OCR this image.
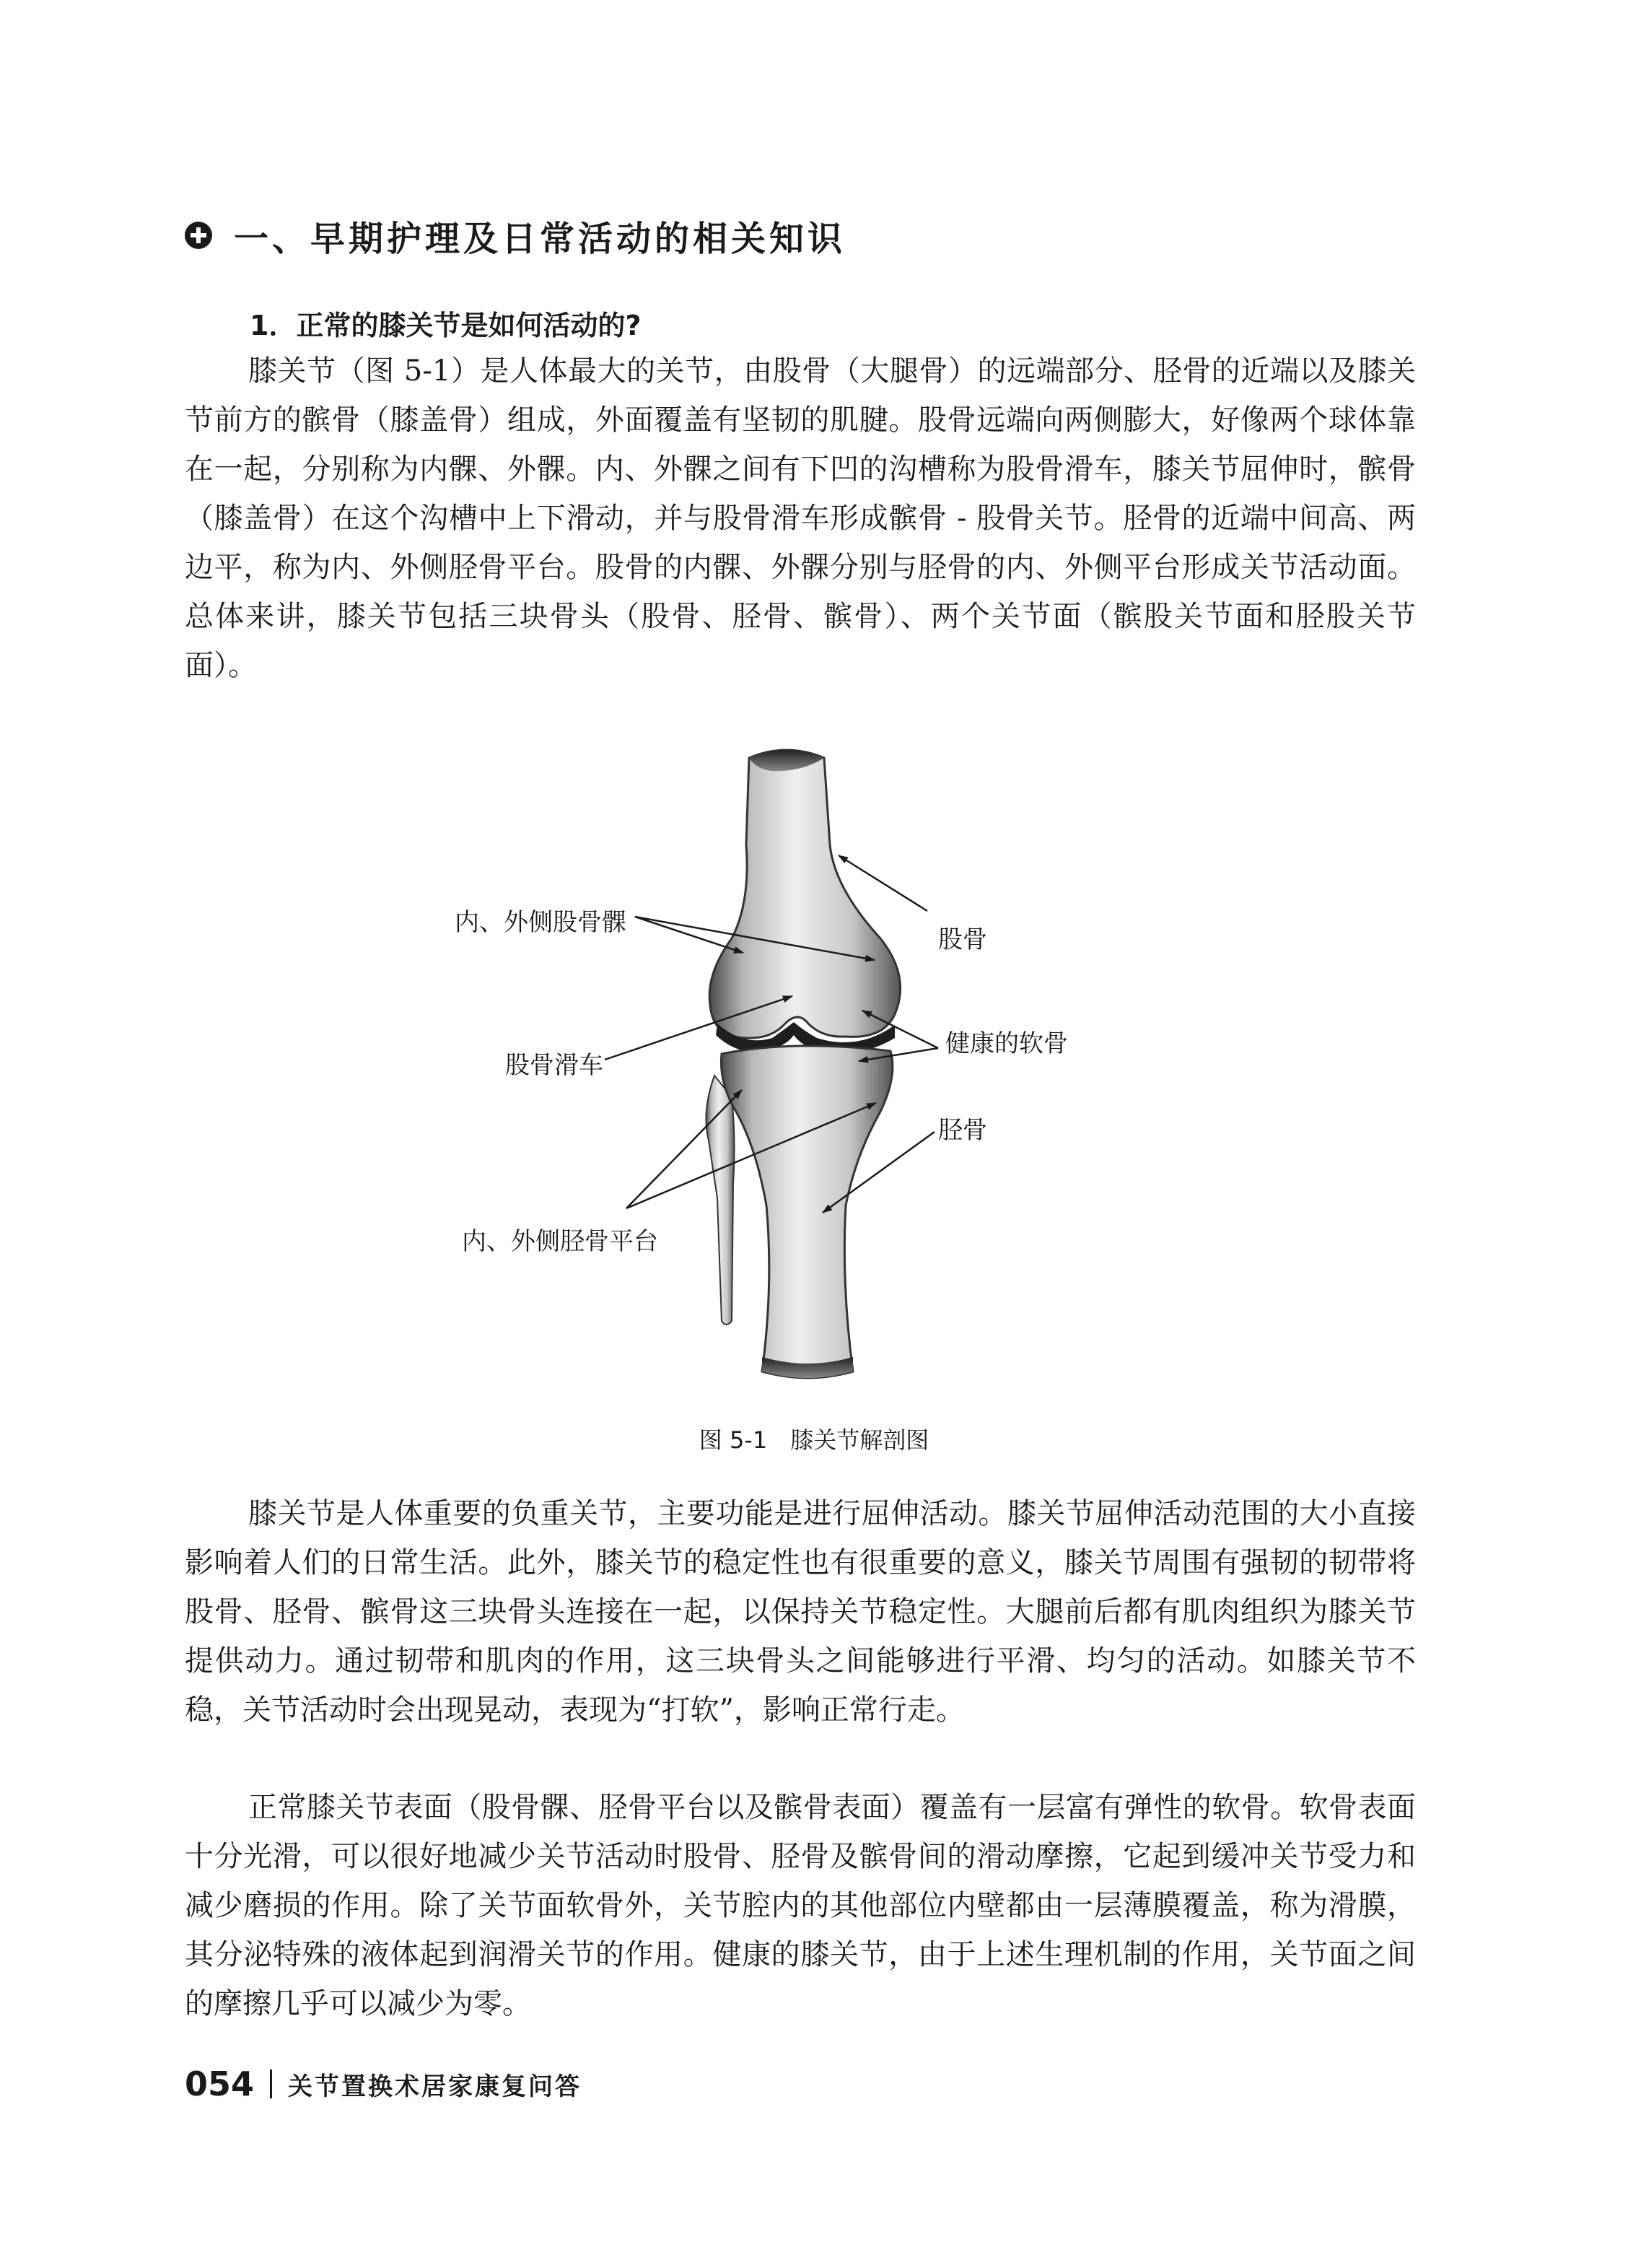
一、早期护理及日常活动的相关知识
1．正常的膝关节是如何活动的?

膝关节（图 5-1）是人体最大的关节，由股骨（大腿骨）的远端部分、胫骨的近端以及膝关节前方的髌骨（膝盖骨）组成，外面覆盖有坚韧的肌腱。股骨远端向两侧膨大，好像两个球体靠在一起，分别称为内髁、外髁。内、外髁之间有下凹的沟槽称为股骨滑车，膝关节屈伸时，髌骨（膝盖骨）在这个沟槽中上下滑动，并与股骨滑车形成髌骨 - 股骨关节。胫骨的近端中间高、两边平，称为内、外侧胫骨平台。股骨的内髁、外髁分别与胫骨的内、外侧平台形成关节活动面。总体来讲，膝关节包括三块骨头（股骨、胫骨、髌骨）、两个关节面（髌股关节面和胫股关节面）。

内、外侧股骨髁
股骨
股骨滑车
健康的软骨
胫骨
内、外侧胫骨平台
图 5-1　膝关节解剖图

膝关节是人体重要的负重关节，主要功能是进行屈伸活动。膝关节屈伸活动范围的大小直接影响着人们的日常生活。此外，膝关节的稳定性也有很重要的意义，膝关节周围有强韧的韧带将股骨、胫骨、髌骨这三块骨头连接在一起，以保持关节稳定性。大腿前后都有肌肉组织为膝关节提供动力。通过韧带和肌肉的作用，这三块骨头之间能够进行平滑、均匀的活动。如膝关节不稳，关节活动时会出现晃动，表现为“打软”，影响正常行走。

正常膝关节表面（股骨髁、胫骨平台以及髌骨表面）覆盖有一层富有弹性的软骨。软骨表面十分光滑，可以很好地减少关节活动时股骨、胫骨及髌骨间的滑动摩擦，它起到缓冲关节受力和减少磨损的作用。除了关节面软骨外，关节腔内的其他部位内壁都由一层薄膜覆盖，称为滑膜，其分泌特殊的液体起到润滑关节的作用。健康的膝关节，由于上述生理机制的作用，关节面之间的摩擦几乎可以减少为零。

054 关节置换术居家康复问答
